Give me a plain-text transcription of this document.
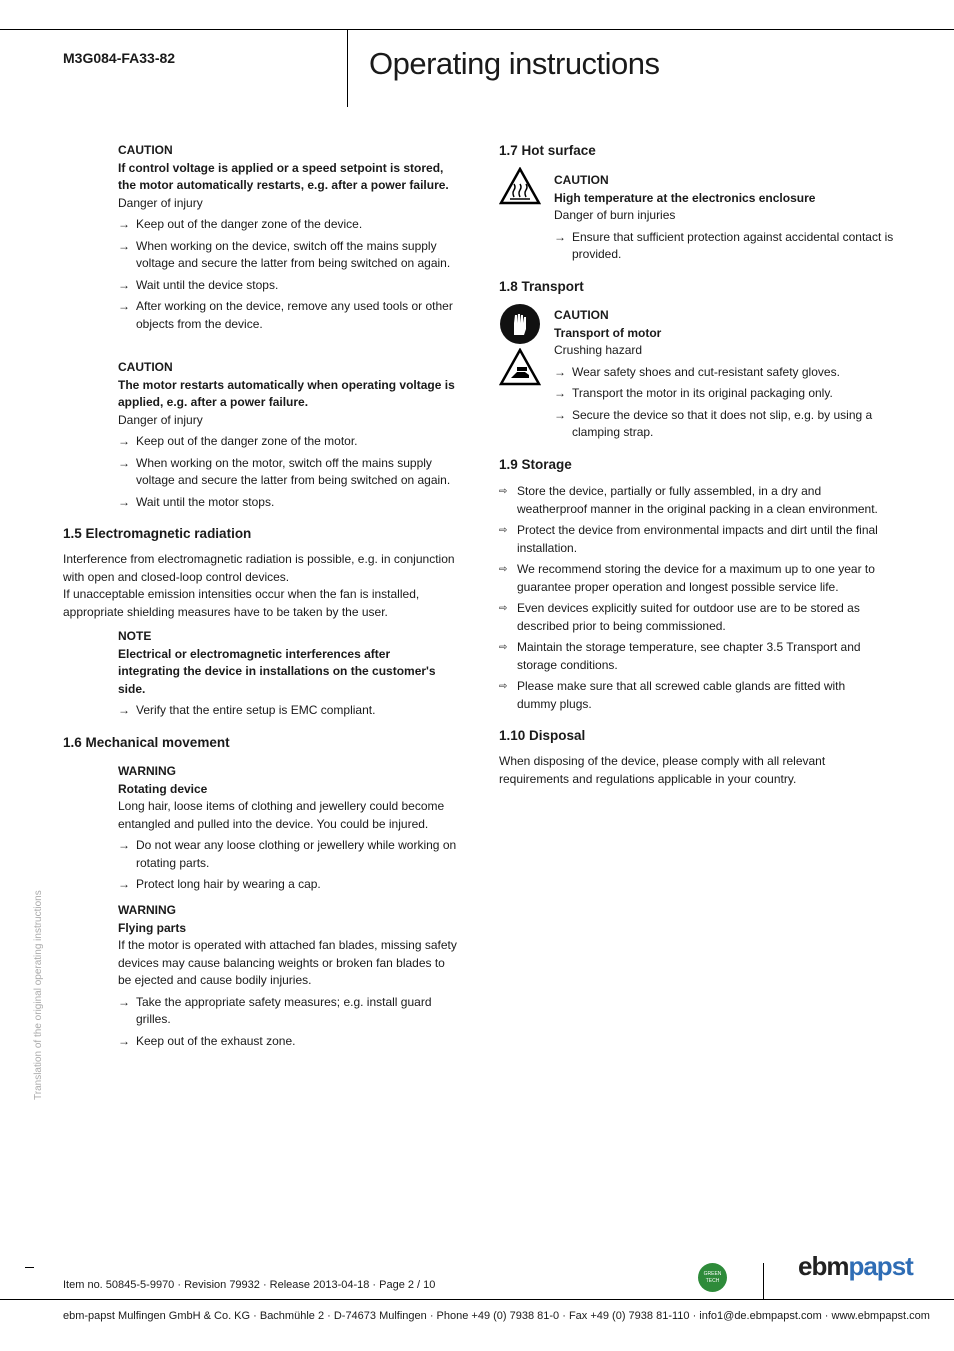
M3G084-FA33-82	Operating instructions
CAUTION
If control voltage is applied or a speed setpoint is stored, the motor automatically restarts, e.g. after a power failure.
Danger of injury
→ Keep out of the danger zone of the device.
→ When working on the device, switch off the mains supply voltage and secure the latter from being switched on again.
→ Wait until the device stops.
→ After working on the device, remove any used tools or other objects from the device.
CAUTION
The motor restarts automatically when operating voltage is applied, e.g. after a power failure.
Danger of injury
→ Keep out of the danger zone of the motor.
→ When working on the motor, switch off the mains supply voltage and secure the latter from being switched on again.
→ Wait until the motor stops.
1.5 Electromagnetic radiation
Interference from electromagnetic radiation is possible, e.g. in conjunction with open and closed-loop control devices.
If unacceptable emission intensities occur when the fan is installed, appropriate shielding measures have to be taken by the user.
NOTE
Electrical or electromagnetic interferences after integrating the device in installations on the customer's side.
→ Verify that the entire setup is EMC compliant.
1.6 Mechanical movement
WARNING
Rotating device
Long hair, loose items of clothing and jewellery could become entangled and pulled into the device. You could be injured.
→ Do not wear any loose clothing or jewellery while working on rotating parts.
→ Protect long hair by wearing a cap.
WARNING
Flying parts
If the motor is operated with attached fan blades, missing safety devices may cause balancing weights or broken fan blades to be ejected and cause bodily injuries.
→ Take the appropriate safety measures; e.g. install guard grilles.
→ Keep out of the exhaust zone.
1.7 Hot surface
CAUTION
High temperature at the electronics enclosure
Danger of burn injuries
→ Ensure that sufficient protection against accidental contact is provided.
1.8 Transport
CAUTION
Transport of motor
Crushing hazard
→ Wear safety shoes and cut-resistant safety gloves.
→ Transport the motor in its original packaging only.
→ Secure the device so that it does not slip, e.g. by using a clamping strap.
1.9 Storage
⇨ Store the device, partially or fully assembled, in a dry and weatherproof manner in the original packing in a clean environment.
⇨ Protect the device from environmental impacts and dirt until the final installation.
⇨ We recommend storing the device for a maximum up to one year to guarantee proper operation and longest possible service life.
⇨ Even devices explicitly suited for outdoor use are to be stored as described prior to being commissioned.
⇨ Maintain the storage temperature, see chapter 3.5 Transport and storage conditions.
⇨ Please make sure that all screwed cable glands are fitted with dummy plugs.
1.10 Disposal
When disposing of the device, please comply with all relevant requirements and regulations applicable in your country.
Translation of the original operating instructions
Item no. 50845-5-9970 · Revision 79932 · Release 2013-04-18 · Page 2 / 10
GREEN TECH	ebmpapst
ebm-papst Mulfingen GmbH & Co. KG · Bachmühle 2 · D-74673 Mulfingen · Phone +49 (0) 7938 81-0 · Fax +49 (0) 7938 81-110 · info1@de.ebmpapst.com · www.ebmpapst.com
